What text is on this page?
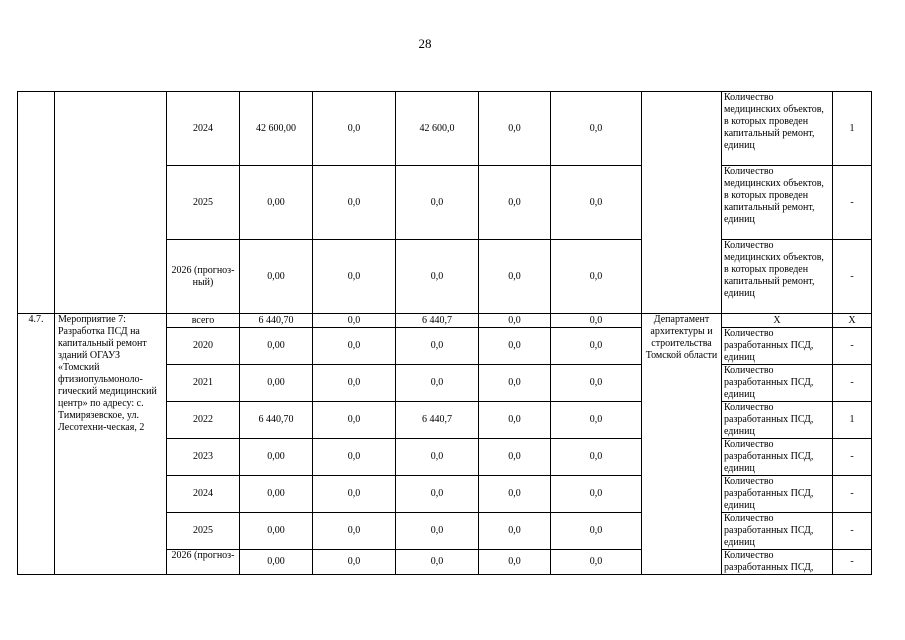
28
		2024	42 600,00	0,0	42 600,0	0,0	0,0		Количество медицинских объектов, в которых проведен капитальный ремонт, единиц	1
		2025	0,00	0,0	0,0	0,0	0,0		Количество медицинских объектов, в которых проведен капитальный ремонт, единиц	-
		2026 (прогноз-ный)	0,00	0,0	0,0	0,0	0,0		Количество медицинских объектов, в которых проведен капитальный ремонт, единиц	-
4.7.	Мероприятие 7: Разработка ПСД на капитальный ремонт зданий ОГАУЗ «Томский фтизиопульмоноло-гический медицинский центр» по адресу: с. Тимирязевское, ул. Лесотехни-ческая, 2	всего	6 440,70	0,0	6 440,7	0,0	0,0	Департамент архитектуры и строительства Томской области	Х	Х
		2020	0,00	0,0	0,0	0,0	0,0		Количество разработанных ПСД, единиц	-
		2021	0,00	0,0	0,0	0,0	0,0		Количество разработанных ПСД, единиц	-
		2022	6 440,70	0,0	6 440,7	0,0	0,0		Количество разработанных ПСД, единиц	1
		2023	0,00	0,0	0,0	0,0	0,0		Количество разработанных ПСД, единиц	-
		2024	0,00	0,0	0,0	0,0	0,0		Количество разработанных ПСД, единиц	-
		2025	0,00	0,0	0,0	0,0	0,0		Количество разработанных ПСД, единиц	-
		2026 (прогноз-	0,00	0,0	0,0	0,0	0,0		Количество разработанных ПСД,	-
